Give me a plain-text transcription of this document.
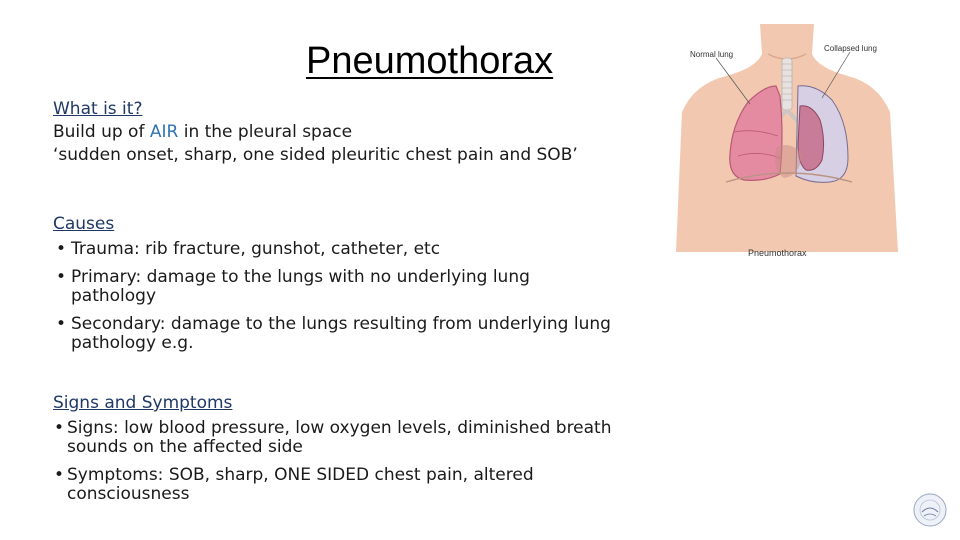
Pneumothorax
What is it?
Build up of AIR in the pleural space
‘sudden onset, sharp, one sided pleuritic chest pain and SOB’
Causes
• Trauma: rib fracture, gunshot, catheter, etc
• Primary: damage to the lungs with no underlying lung pathology
• Secondary: damage to the lungs resulting from underlying lung pathology e.g.
Signs and Symptoms
• Signs: low blood pressure, low oxygen levels, diminished breath sounds on the affected side
• Symptoms: SOB, sharp, ONE SIDED chest pain, altered consciousness
Normal lung
Collapsed lung
Pneumothorax
